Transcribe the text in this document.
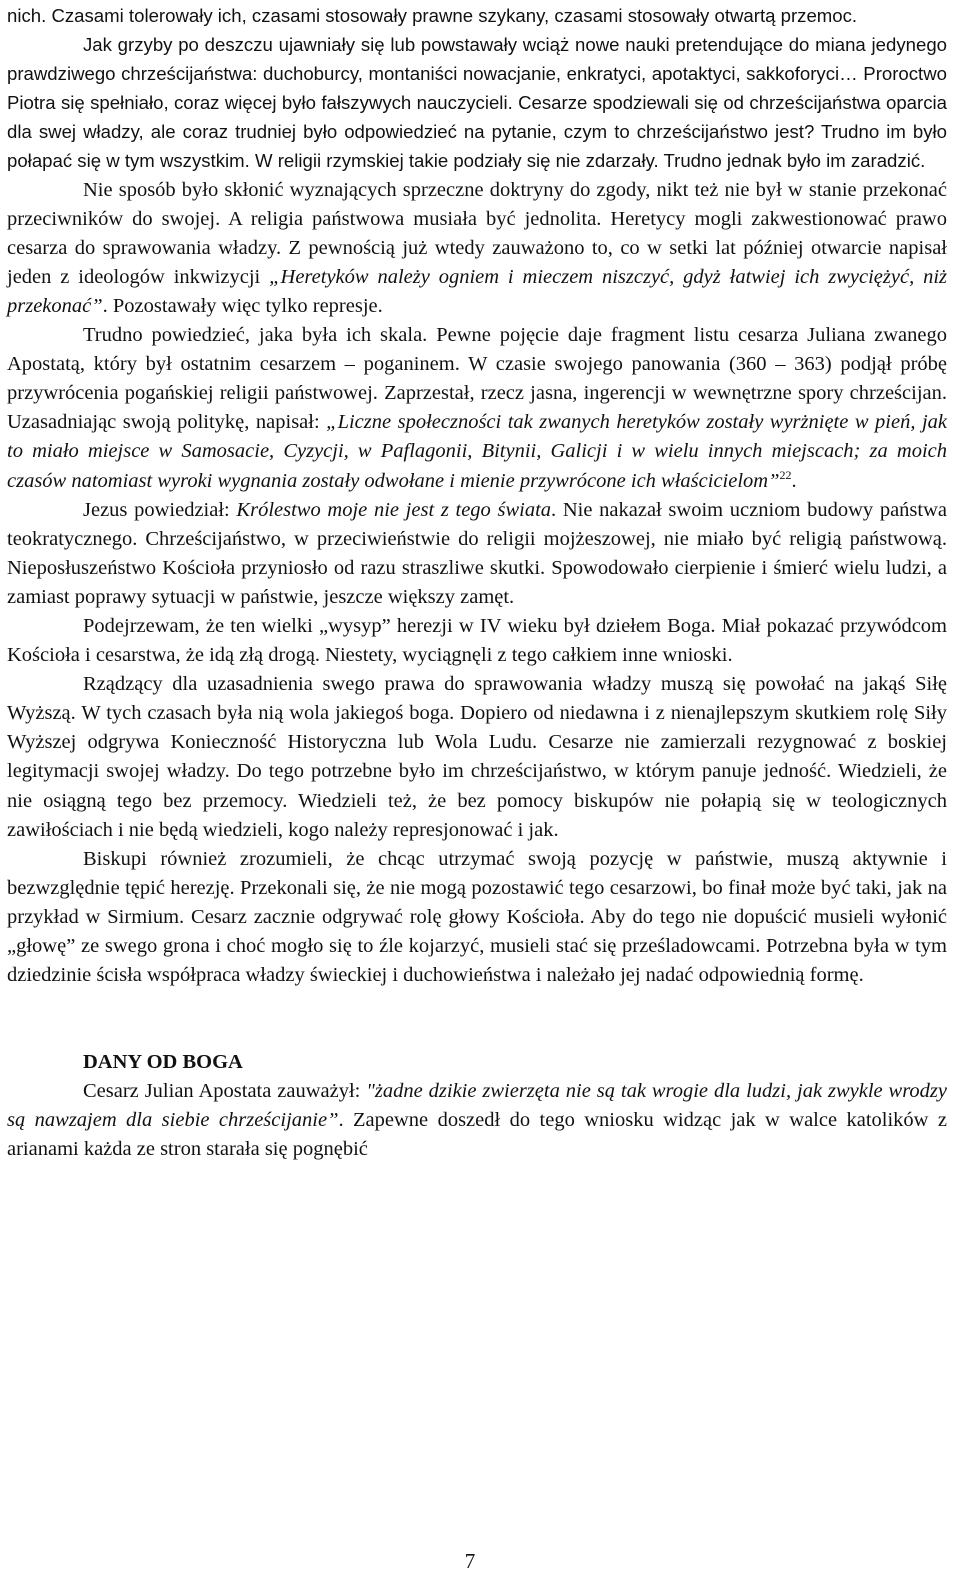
nich. Czasami tolerowały ich, czasami stosowały prawne szykany, czasami stosowały otwartą przemoc.

Jak grzyby po deszczu ujawniały się lub powstawały wciąż nowe nauki pretendujące do miana jedynego prawdziwego chrześcijaństwa: duchoburcy, montaniści nowacjanie, enkratyci, apotaktyci, sakkoforyci… Proroctwo Piotra się spełniało, coraz więcej było fałszywych nauczycieli. Cesarze spodziewali się od chrześcijaństwa oparcia dla swej władzy, ale coraz trudniej było odpowiedzieć na pytanie, czym to chrześcijaństwo jest? Trudno im było połapać się w tym wszystkim. W religii rzymskiej takie podziały się nie zdarzały. Trudno jednak było im zaradzić.

Nie sposób było skłonić wyznających sprzeczne doktryny do zgody, nikt też nie był w stanie przekonać przeciwników do swojej. A religia państwowa musiała być jednolita. Heretycy mogli zakwestionować prawo cesarza do sprawowania władzy. Z pewnością już wtedy zauważono to, co w setki lat później otwarcie napisał jeden z ideologów inkwizycji „Heretyków należy ogniem i mieczem niszczyć, gdyż łatwiej ich zwyciężyć, niż przekonać”. Pozostawały więc tylko represje.

Trudno powiedzieć, jaka była ich skala. Pewne pojęcie daje fragment listu cesarza Juliana zwanego Apostatą, który był ostatnim cesarzem – poganinem. W czasie swojego panowania (360 – 363) podjął próbę przywrócenia pogańskiej religii państwowej. Zaprzestał, rzecz jasna, ingerencji w wewnętrzne spory chrześcijan. Uzasadniając swoją politykę, napisał: „Liczne społeczności tak zwanych heretyków zostały wyrżnięte w pień, jak to miało miejsce w Samosacie, Cyzycji, w Paflagonii, Bitynii, Galicji i w wielu innych miejscach; za moich czasów natomiast wyroki wygnania zostały odwołane i mienie przywrócone ich właścicielom”$^{22}$.

Jezus powiedział: Królestwo moje nie jest z tego świata. Nie nakazał swoim uczniom budowy państwa teokratycznego. Chrześcijaństwo, w przeciwieństwie do religii mojżeszowej, nie miało być religią państwową. Nieposłuszeństwo Kościoła przyniosło od razu straszliwe skutki. Spowodowało cierpienie i śmierć wielu ludzi, a zamiast poprawy sytuacji w państwie, jeszcze większy zamęt.

Podejrzewam, że ten wielki „wysyp” herezji w IV wieku był dziełem Boga. Miał pokazać przywódcom Kościoła i cesarstwa, że idą złą drogą. Niestety, wyciągnęli z tego całkiem inne wnioski.

Rządzący dla uzasadnienia swego prawa do sprawowania władzy muszą się powołać na jakąś Siłę Wyższą. W tych czasach była nią wola jakiegoś boga. Dopiero od niedawna i z nienajlepszym skutkiem rolę Siły Wyższej odgrywa Konieczność Historyczna lub Wola Ludu. Cesarze nie zamierzali rezygnować z boskiej legitymacji swojej władzy. Do tego potrzebne było im chrześcijaństwo, w którym panuje jedność. Wiedzieli, że nie osiągną tego bez przemocy. Wiedzieli też, że bez pomocy biskupów nie połapią się w teologicznych zawiłościach i nie będą wiedzieli, kogo należy represjonować i jak.

Biskupi również zrozumieli, że chcąc utrzymać swoją pozycję w państwie, muszą aktywnie i bezwzględnie tępić herezję. Przekonali się, że nie mogą pozostawić tego cesarzowi, bo finał może być taki, jak na przykład w Sirmium. Cesarz zacznie odgrywać rolę głowy Kościoła. Aby do tego nie dopuścić musieli wyłonić „głowę” ze swego grona i choć mogło się to źle kojarzyć, musieli stać się prześladowcami. Potrzebna była w tym dziedzinie ścisła współpraca władzy świeckiej i duchowieństwa i należało jej nadać odpowiednią formę.

DANY OD BOGA

Cesarz Julian Apostata zauważył: "żadne dzikie zwierzęta nie są tak wrogie dla ludzi, jak zwykle wrodzy są nawzajem dla siebie chrześcijanie”. Zapewne doszedł do tego wniosku widząc jak w walce katolików z arianami każda ze stron starała się pognębić

7
